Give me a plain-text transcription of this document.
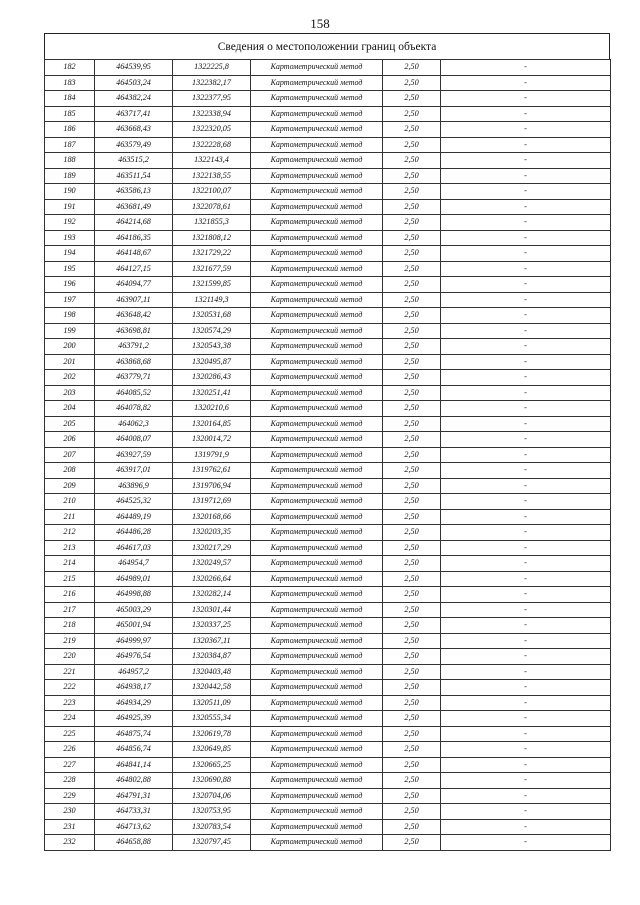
158
Сведения о местоположении границ объекта
182	464539,95	1322225,8	Картометрический метод	2,50	-
183	464503,24	1322382,17	Картометрический метод	2,50	-
184	464382,24	1322377,95	Картометрический метод	2,50	-
185	463717,41	1322338,94	Картометрический метод	2,50	-
186	463668,43	1322320,05	Картометрический метод	2,50	-
187	463579,49	1322228,68	Картометрический метод	2,50	-
188	463515,2	1322143,4	Картометрический метод	2,50	-
189	463511,54	1322138,55	Картометрический метод	2,50	-
190	463586,13	1322100,07	Картометрический метод	2,50	-
191	463681,49	1322078,61	Картометрический метод	2,50	-
192	464214,68	1321855,3	Картометрический метод	2,50	-
193	464186,35	1321808,12	Картометрический метод	2,50	-
194	464148,67	1321729,22	Картометрический метод	2,50	-
195	464127,15	1321677,59	Картометрический метод	2,50	-
196	464094,77	1321599,85	Картометрический метод	2,50	-
197	463907,11	1321149,3	Картометрический метод	2,50	-
198	463648,42	1320531,68	Картометрический метод	2,50	-
199	463698,81	1320574,29	Картометрический метод	2,50	-
200	463791,2	1320543,38	Картометрический метод	2,50	-
201	463868,68	1320495,87	Картометрический метод	2,50	-
202	463779,71	1320286,43	Картометрический метод	2,50	-
203	464085,52	1320251,41	Картометрический метод	2,50	-
204	464078,82	1320210,6	Картометрический метод	2,50	-
205	464062,3	1320164,85	Картометрический метод	2,50	-
206	464008,07	1320014,72	Картометрический метод	2,50	-
207	463927,59	1319791,9	Картометрический метод	2,50	-
208	463917,01	1319762,61	Картометрический метод	2,50	-
209	463896,9	1319706,94	Картометрический метод	2,50	-
210	464525,32	1319712,69	Картометрический метод	2,50	-
211	464489,19	1320168,66	Картометрический метод	2,50	-
212	464486,28	1320203,35	Картометрический метод	2,50	-
213	464617,03	1320217,29	Картометрический метод	2,50	-
214	464954,7	1320249,57	Картометрический метод	2,50	-
215	464989,01	1320266,64	Картометрический метод	2,50	-
216	464998,88	1320282,14	Картометрический метод	2,50	-
217	465003,29	1320301,44	Картометрический метод	2,50	-
218	465001,94	1320337,25	Картометрический метод	2,50	-
219	464999,97	1320367,11	Картометрический метод	2,50	-
220	464976,54	1320384,87	Картометрический метод	2,50	-
221	464957,2	1320403,48	Картометрический метод	2,50	-
222	464938,17	1320442,58	Картометрический метод	2,50	-
223	464934,29	1320511,09	Картометрический метод	2,50	-
224	464925,39	1320555,34	Картометрический метод	2,50	-
225	464875,74	1320619,78	Картометрический метод	2,50	-
226	464856,74	1320649,85	Картометрический метод	2,50	-
227	464841,14	1320665,25	Картометрический метод	2,50	-
228	464802,88	1320690,88	Картометрический метод	2,50	-
229	464791,31	1320704,06	Картометрический метод	2,50	-
230	464733,31	1320753,95	Картометрический метод	2,50	-
231	464713,62	1320783,54	Картометрический метод	2,50	-
232	464658,88	1320797,45	Картометрический метод	2,50	-
